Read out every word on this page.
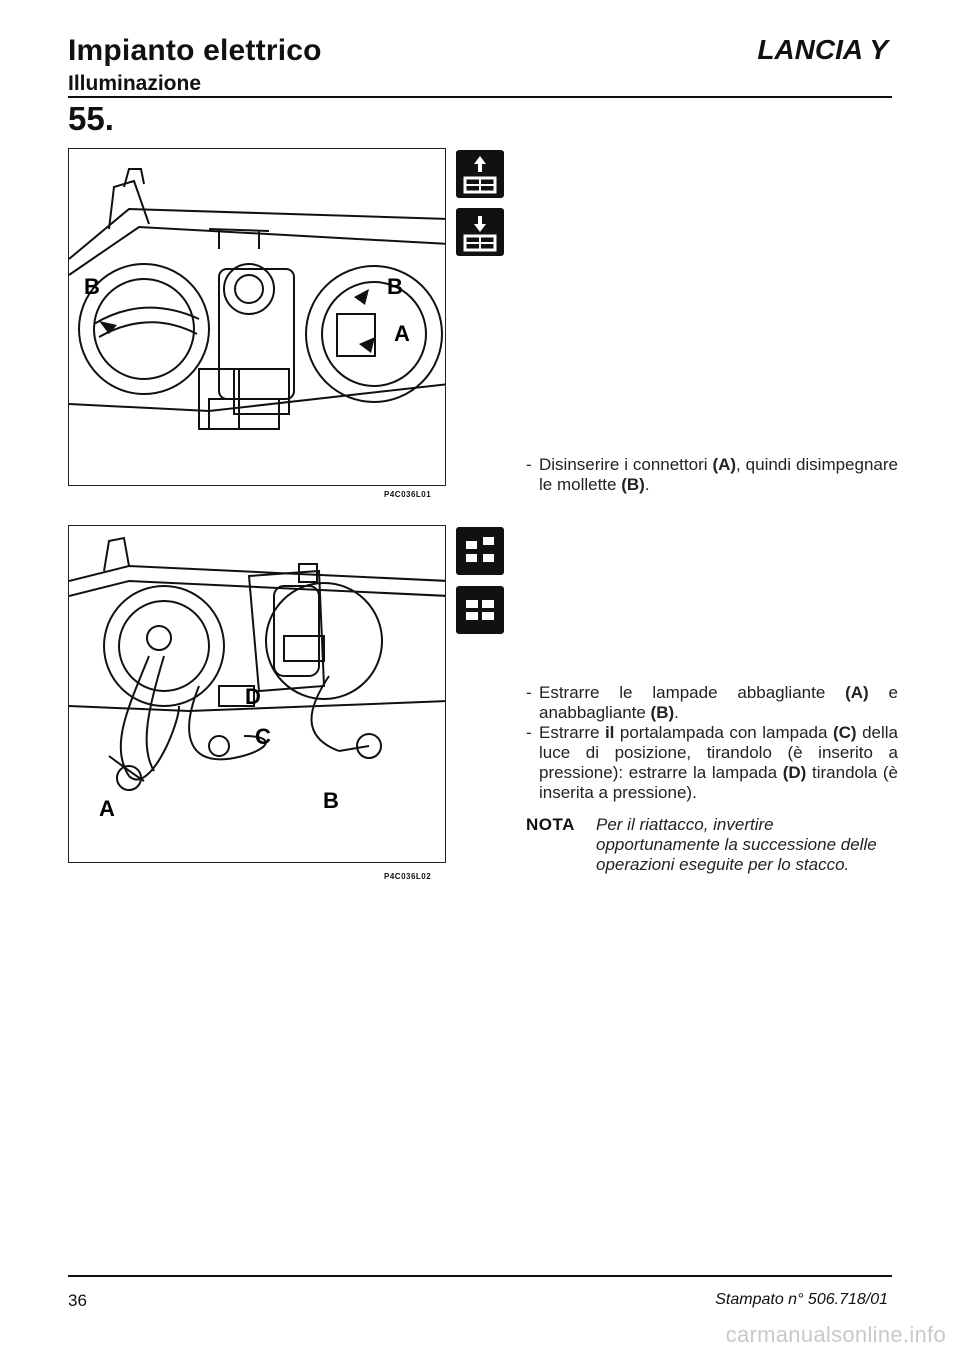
Impianto elettrico
Illuminazione
LANCIA Y
55.
B	B
A
P4C036L01
D
C
A	B
P4C036L02
- Disinserire i connettori (A), quindi disimpegnare le mollette (B).
- Estrarre le lampade abbagliante (A) e anabbagliante (B).
- Estrarre il portalampada con lampada (C) della luce di posizione, tirandolo (è inserito a pressione): estrarre la lampada (D) tirandola (è inserita a pressione).
NOTA Per il riattacco, invertire opportunamente la successione delle operazioni eseguite per lo stacco.
36	Stampato n° 506.718/01
carmanualsonline.info
